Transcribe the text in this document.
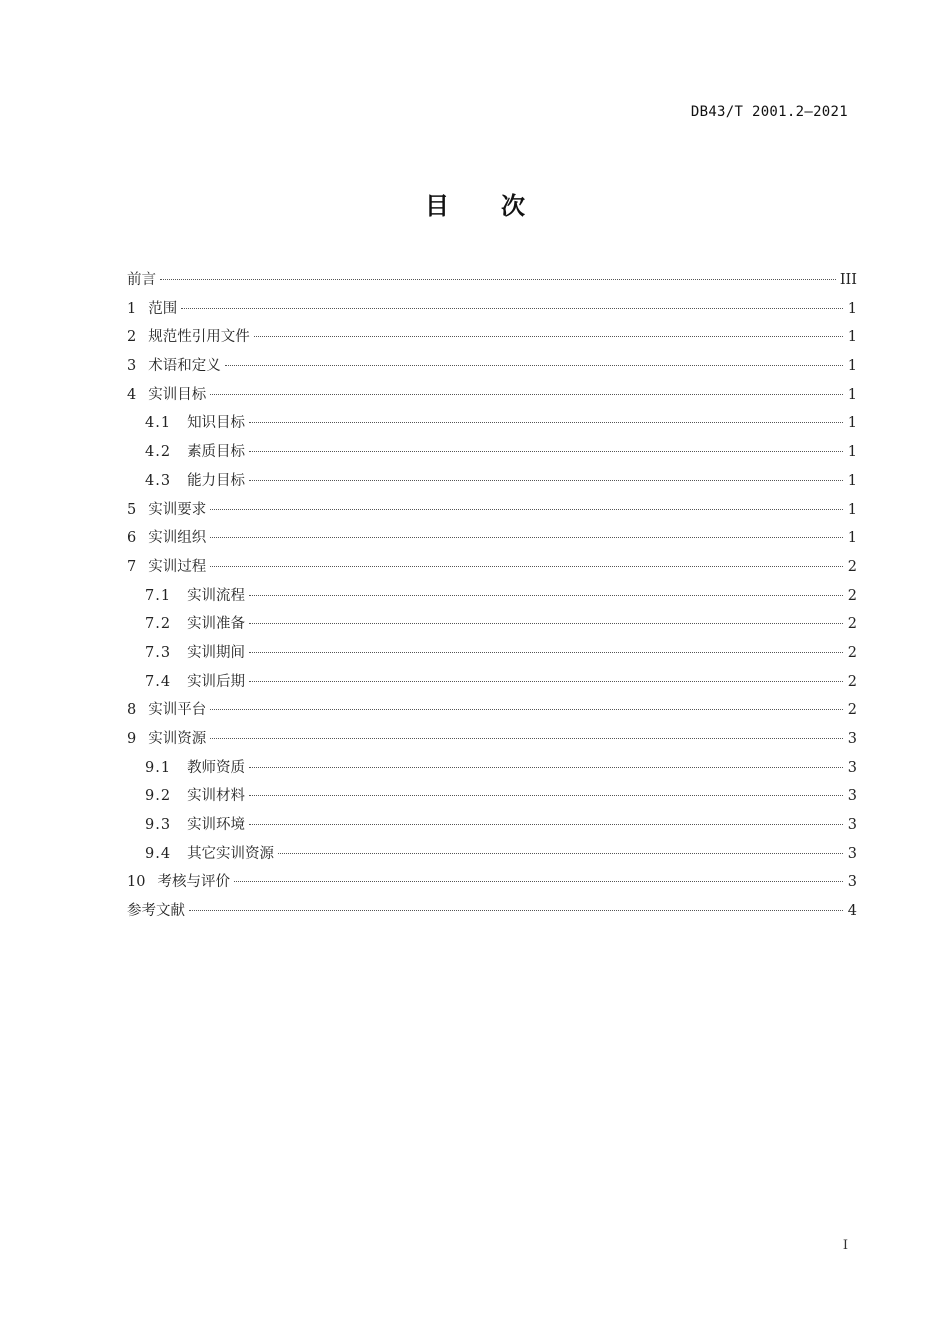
DB43/T 2001.2—2021
目次
前言	III
1 范围	1
2 规范性引用文件	1
3 术语和定义	1
4 实训目标	1
4.1 知识目标	1
4.2 素质目标	1
4.3 能力目标	1
5 实训要求	1
6 实训组织	1
7 实训过程	2
7.1 实训流程	2
7.2 实训准备	2
7.3 实训期间	2
7.4 实训后期	2
8 实训平台	2
9 实训资源	3
9.1 教师资质	3
9.2 实训材料	3
9.3 实训环境	3
9.4 其它实训资源	3
10 考核与评价	3
参考文献	4
I
